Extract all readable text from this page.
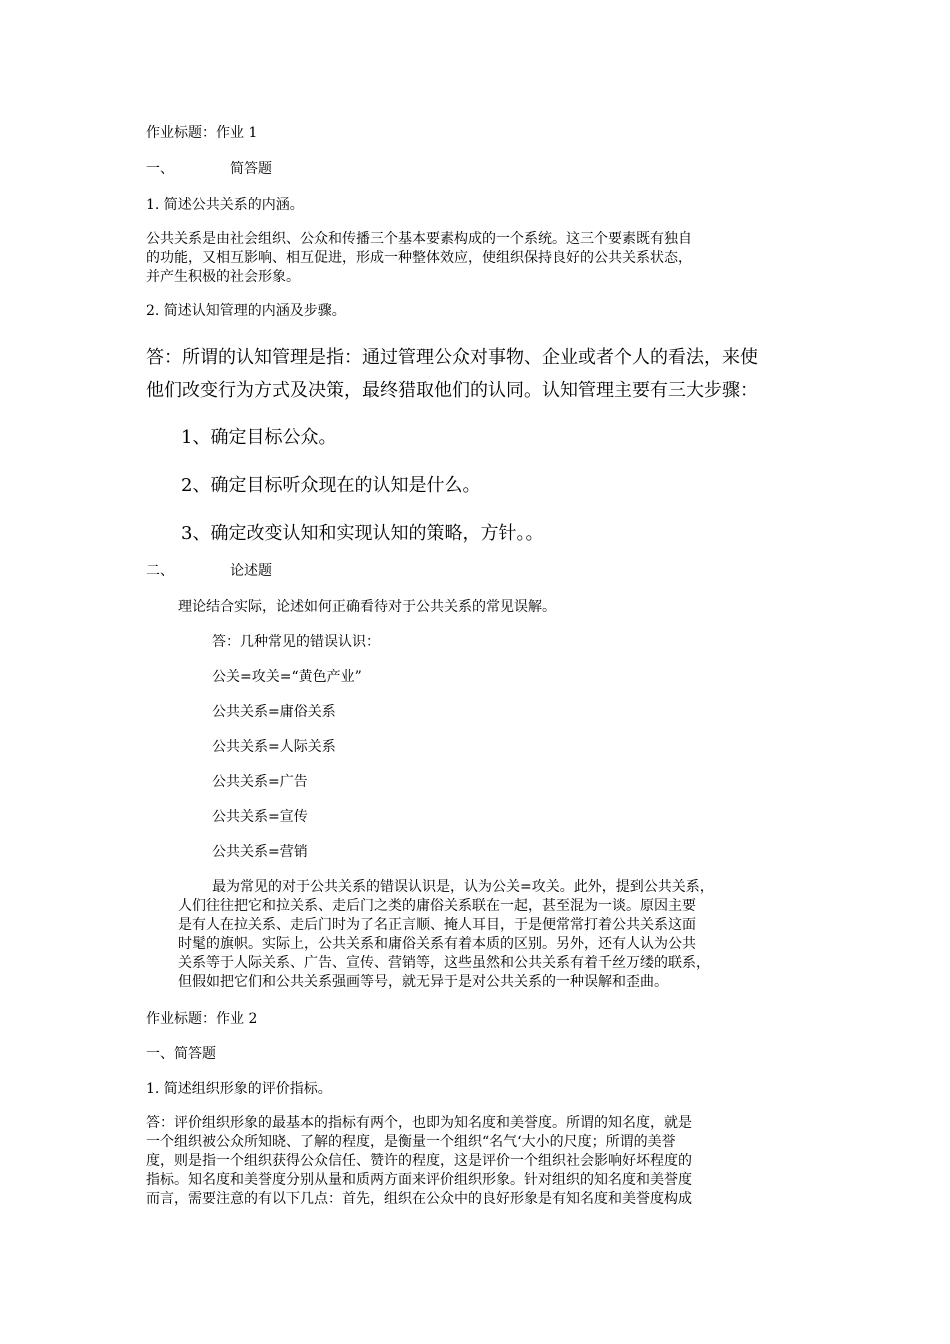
作业标题：作业 1
一、	简答题
1. 简述公共关系的内涵。
公共关系是由社会组织、公众和传播三个基本要素构成的一个系统。这三个要素既有独自
的功能，又相互影响、相互促进，形成一种整体效应，使组织保持良好的公共关系状态，
并产生积极的社会形象。
2. 简述认知管理的内涵及步骤。
答：所谓的认知管理是指：通过管理公众对事物、企业或者个人的看法，来使
他们改变行为方式及决策，最终猎取他们的认同。认知管理主要有三大步骤：
1、确定目标公众。
2、确定目标听众现在的认知是什么。
3、确定改变认知和实现认知的策略，方针。。
二、	论述题
理论结合实际，论述如何正确看待对于公共关系的常见误解。
答：几种常见的错误认识：
公关=攻关=“黄色产业”
公共关系=庸俗关系
公共关系=人际关系
公共关系=广告
公共关系=宣传
公共关系=营销
最为常见的对于公共关系的错误认识是，认为公关=攻关。此外，提到公共关系，
人们往往把它和拉关系、走后门之类的庸俗关系联在一起，甚至混为一谈。原因主要
是有人在拉关系、走后门时为了名正言顺、掩人耳目，于是便常常打着公共关系这面
时髦的旗帜。实际上，公共关系和庸俗关系有着本质的区别。另外，还有人认为公共
关系等于人际关系、广告、宣传、营销等，这些虽然和公共关系有着千丝万缕的联系，
但假如把它们和公共关系强画等号，就无异于是对公共关系的一种误解和歪曲。
作业标题：作业 2
一、简答题
1. 简述组织形象的评价指标。
答：评价组织形象的最基本的指标有两个，也即为知名度和美誉度。所谓的知名度，就是
一个组织被公众所知晓、了解的程度，是衡量一个组织“名气‘大小的尺度；所谓的美誉
度，则是指一个组织获得公众信任、赞许的程度，这是评价一个组织社会影响好坏程度的
指标。知名度和美誉度分别从量和质两方面来评价组织形象。针对组织的知名度和美誉度
而言，需要注意的有以下几点：首先，组织在公众中的良好形象是有知名度和美誉度构成
